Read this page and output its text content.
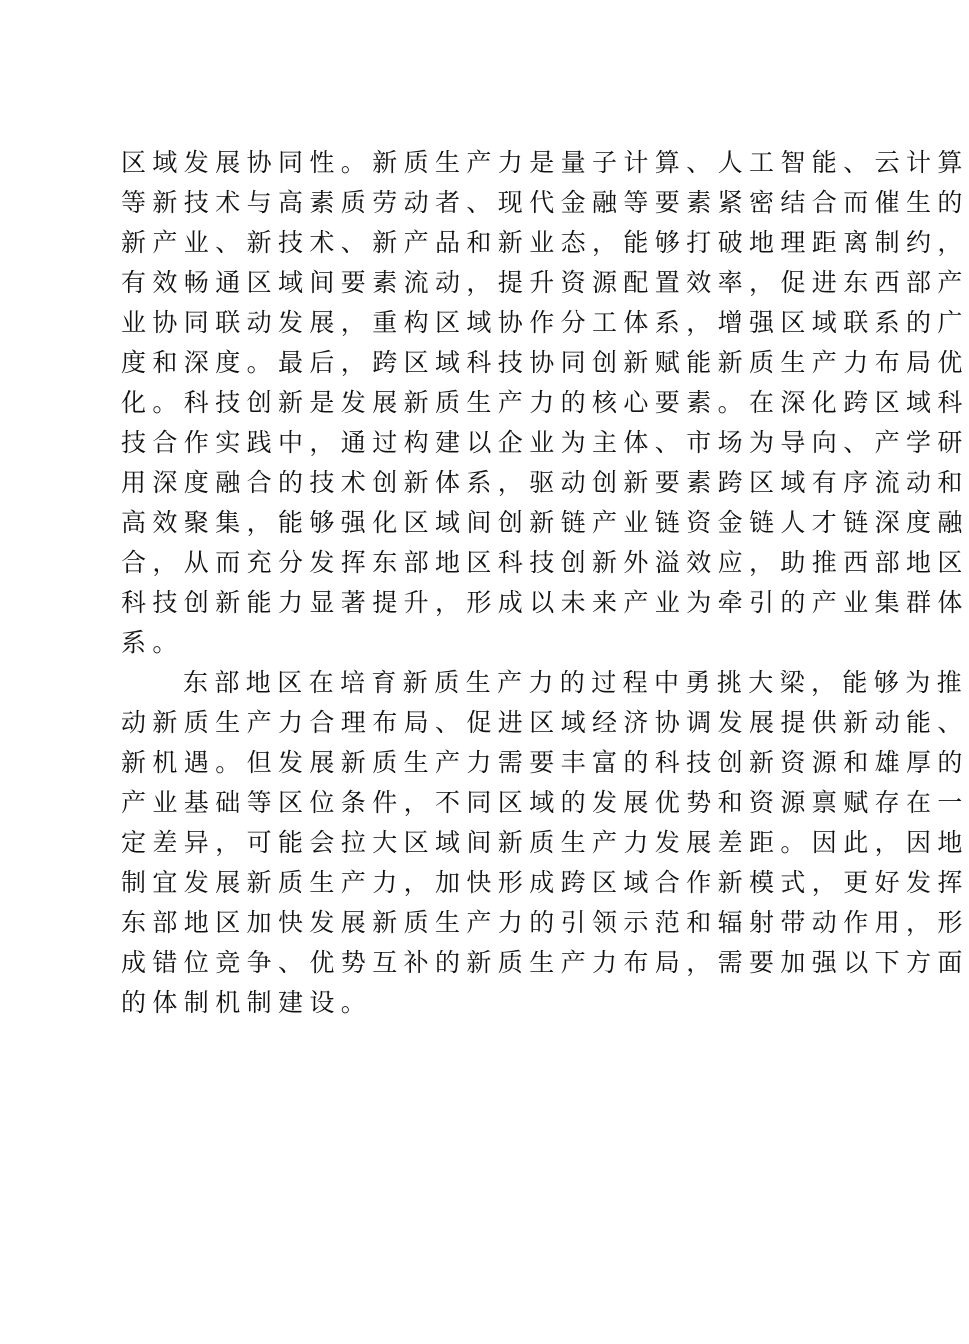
区域发展协同性。新质生产力是量子计算、人工智能、云计算
等新技术与高素质劳动者、现代金融等要素紧密结合而催生的
新产业、新技术、新产品和新业态，能够打破地理距离制约，
有效畅通区域间要素流动，提升资源配置效率，促进东西部产
业协同联动发展，重构区域协作分工体系，增强区域联系的广
度和深度。最后，跨区域科技协同创新赋能新质生产力布局优
化。科技创新是发展新质生产力的核心要素。在深化跨区域科
技合作实践中，通过构建以企业为主体、市场为导向、产学研
用深度融合的技术创新体系，驱动创新要素跨区域有序流动和
高效聚集，能够强化区域间创新链产业链资金链人才链深度融
合，从而充分发挥东部地区科技创新外溢效应，助推西部地区
科技创新能力显著提升，形成以未来产业为牵引的产业集群体
系。
东部地区在培育新质生产力的过程中勇挑大梁，能够为推
动新质生产力合理布局、促进区域经济协调发展提供新动能、
新机遇。但发展新质生产力需要丰富的科技创新资源和雄厚的
产业基础等区位条件，不同区域的发展优势和资源禀赋存在一
定差异，可能会拉大区域间新质生产力发展差距。因此，因地
制宜发展新质生产力，加快形成跨区域合作新模式，更好发挥
东部地区加快发展新质生产力的引领示范和辐射带动作用，形
成错位竞争、优势互补的新质生产力布局，需要加强以下方面
的体制机制建设。
